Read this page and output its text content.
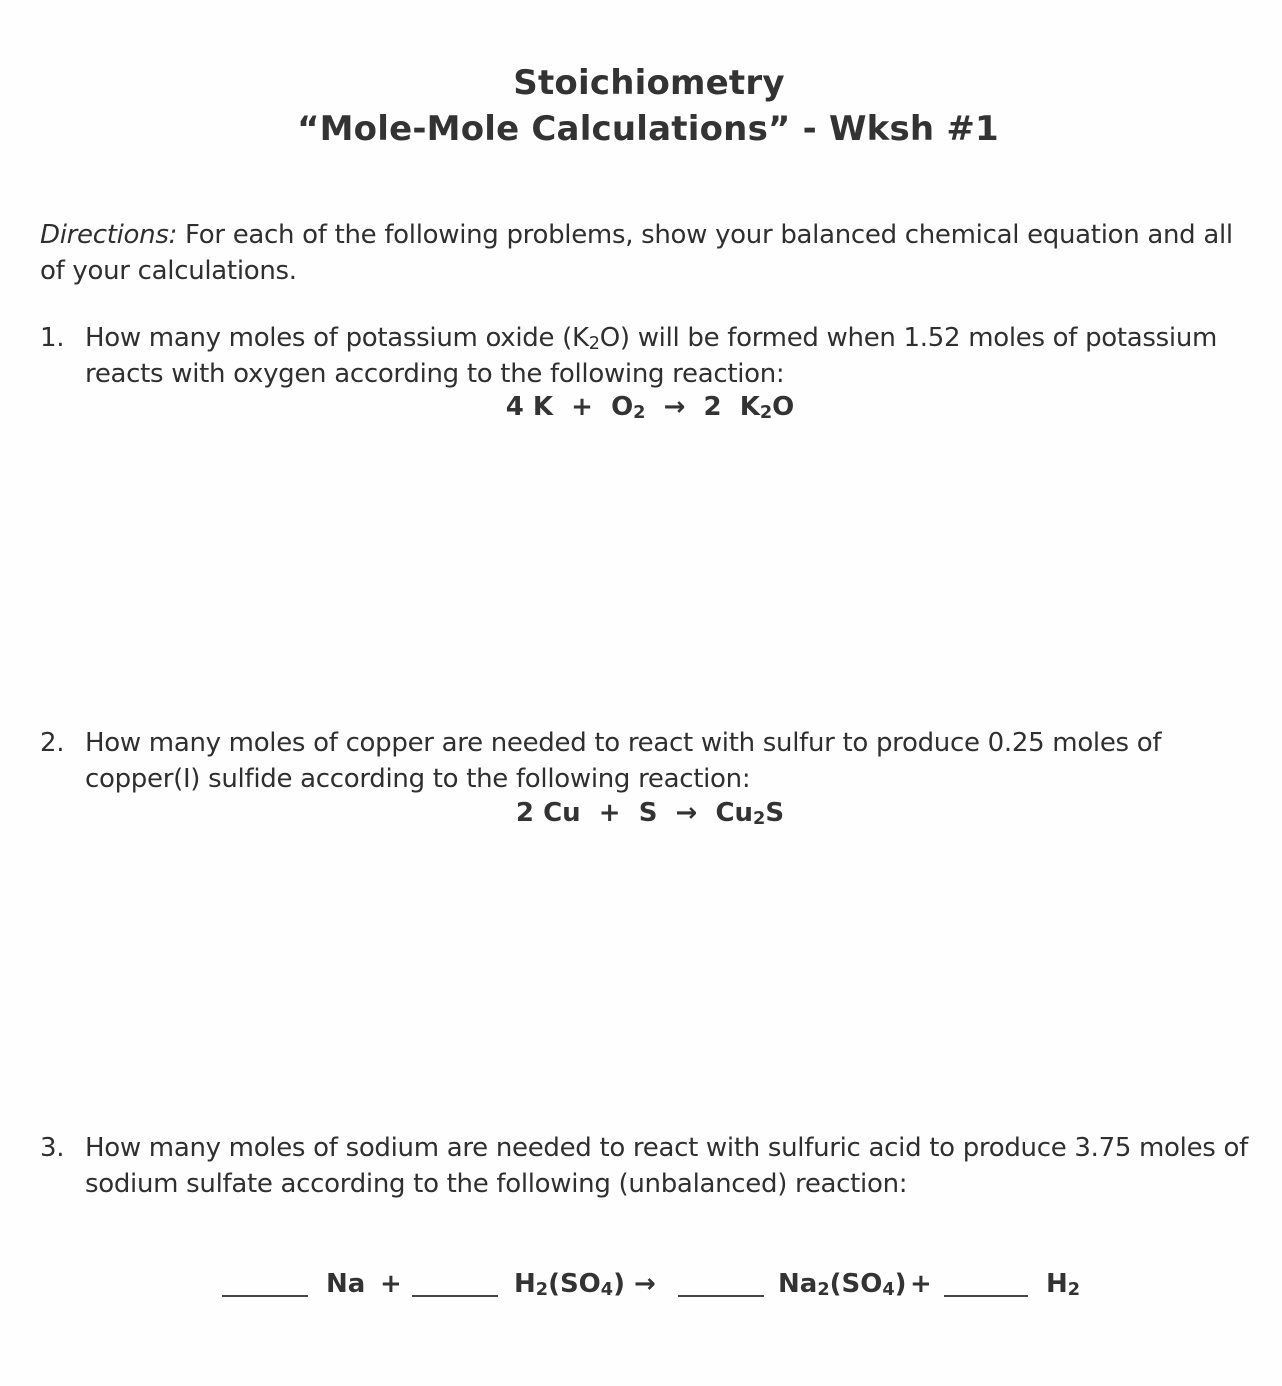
Stoichiometry
“Mole-Mole Calculations” - Wksh #1
Directions: For each of the following problems, show your balanced chemical equation and all of your calculations.
1. How many moles of potassium oxide $(K_2O)$ will be formed when 1.52 moles of potassium reacts with oxygen according to the following reaction:
4 $K + O_2 \to 2$ $K_2O$
2. How many moles of copper are needed to react with sulfur to produce 0.25 moles of copper(I) sulfide according to the following reaction:
2 $Cu + S \to Cu_2S$
3. How many moles of sodium are needed to react with sulfuric acid to produce 3.75 moles of sodium sulfate according to the following (unbalanced) reaction:
Na +	$H_2(SO_4)$ →	$Na_2(SO_4)$ +	$H_2$
